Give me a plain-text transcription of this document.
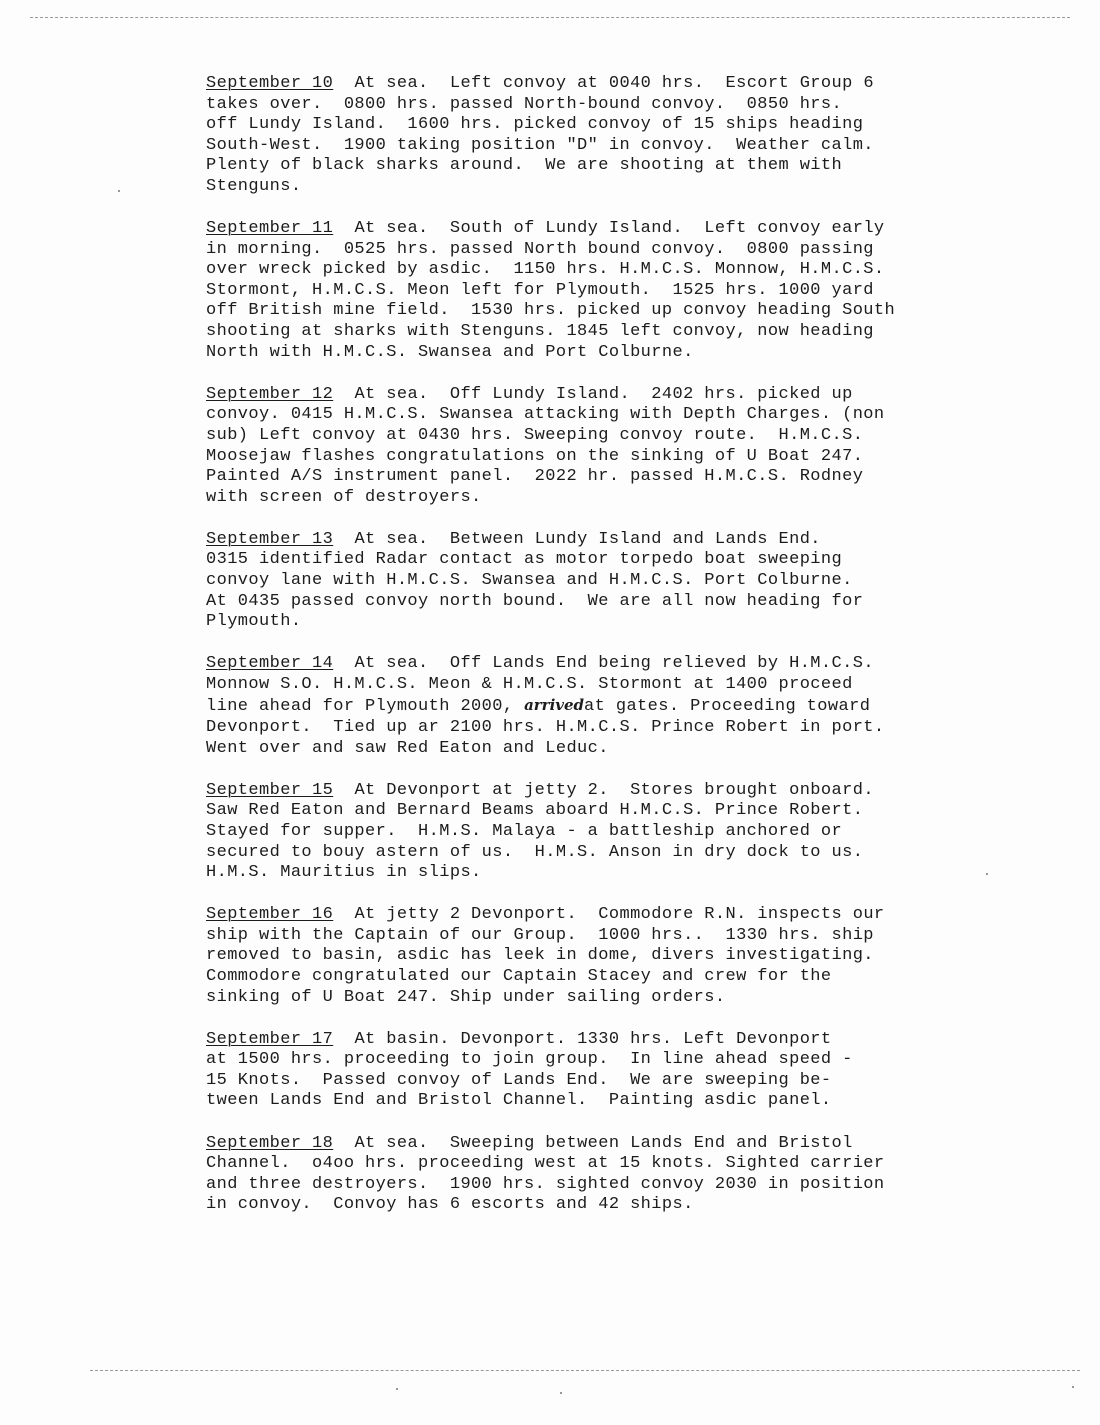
September 10  At sea.  Left convoy at 0040 hrs.  Escort Group 6
takes over.  0800 hrs. passed North-bound convoy.  0850 hrs.
off Lundy Island.  1600 hrs. picked convoy of 15 ships heading
South-West.  1900 taking position "D" in convoy.  Weather calm.
Plenty of black sharks around.  We are shooting at them with
Stenguns.

September 11  At sea.  South of Lundy Island.  Left convoy early
in morning.  0525 hrs. passed North bound convoy.  0800 passing
over wreck picked by asdic.  1150 hrs. H.M.C.S. Monnow, H.M.C.S.
Stormont, H.M.C.S. Meon left for Plymouth.  1525 hrs. 1000 yard
off British mine field.  1530 hrs. picked up convoy heading South
shooting at sharks with Stenguns. 1845 left convoy, now heading
North with H.M.C.S. Swansea and Port Colburne.

September 12  At sea.  Off Lundy Island.  2402 hrs. picked up
convoy. 0415 H.M.C.S. Swansea attacking with Depth Charges. (non
sub) Left convoy at 0430 hrs. Sweeping convoy route.  H.M.C.S.
Moosejaw flashes congratulations on the sinking of U Boat 247.
Painted A/S instrument panel.  2022 hr. passed H.M.C.S. Rodney
with screen of destroyers.

September 13  At sea.  Between Lundy Island and Lands End.
0315 identified Radar contact as motor torpedo boat sweeping
convoy lane with H.M.C.S. Swansea and H.M.C.S. Port Colburne.
At 0435 passed convoy north bound.  We are all now heading for
Plymouth.

September 14  At sea.  Off Lands End being relieved by H.M.C.S.
Monnow S.O. H.M.C.S. Meon & H.M.C.S. Stormont at 1400 proceed
line ahead for Plymouth 2000, arrivedat gates. Proceeding toward
Devonport.  Tied up ar 2100 hrs. H.M.C.S. Prince Robert in port.
Went over and saw Red Eaton and Leduc.

September 15  At Devonport at jetty 2.  Stores brought onboard.
Saw Red Eaton and Bernard Beams aboard H.M.C.S. Prince Robert.
Stayed for supper.  H.M.S. Malaya - a battleship anchored or
secured to bouy astern of us.  H.M.S. Anson in dry dock to us.
H.M.S. Mauritius in slips.

September 16  At jetty 2 Devonport.  Commodore R.N. inspects our
ship with the Captain of our Group.  1000 hrs..  1330 hrs. ship
removed to basin, asdic has leek in dome, divers investigating.
Commodore congratulated our Captain Stacey and crew for the
sinking of U Boat 247. Ship under sailing orders.

September 17  At basin. Devonport. 1330 hrs. Left Devonport
at 1500 hrs. proceeding to join group.  In line ahead speed -
15 Knots.  Passed convoy of Lands End.  We are sweeping be-
tween Lands End and Bristol Channel.  Painting asdic panel.

September 18  At sea.  Sweeping between Lands End and Bristol
Channel.  o4oo hrs. proceeding west at 15 knots. Sighted carrier
and three destroyers.  1900 hrs. sighted convoy 2030 in position
in convoy.  Convoy has 6 escorts and 42 ships.
